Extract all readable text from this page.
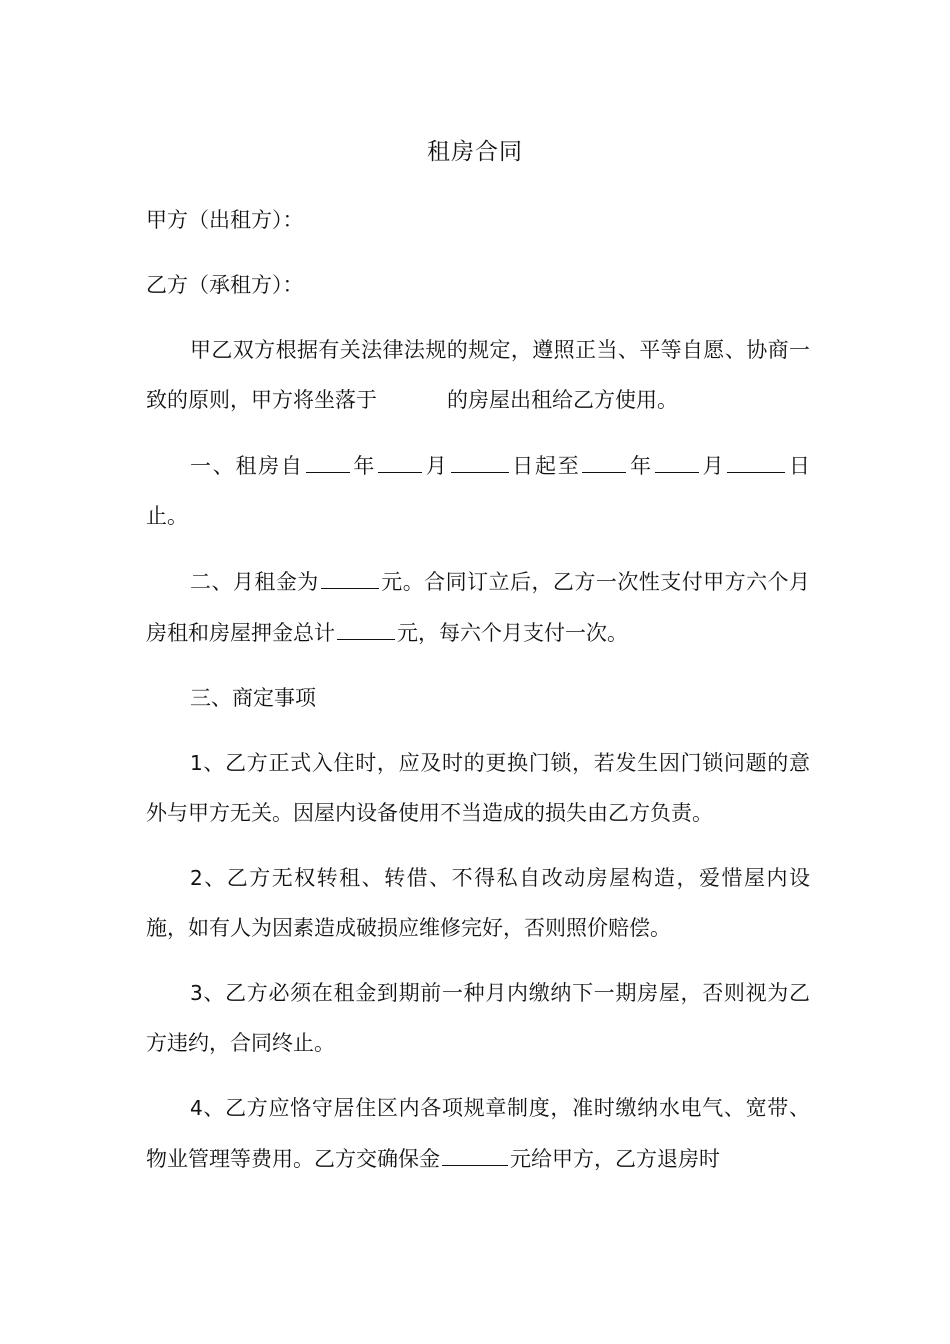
租房合同

甲方（出租方）：

乙方（承租方）：

甲乙双方根据有关法律法规的规定，遵照正当、平等自愿、协商一致的原则，甲方将坐落于	的房屋出租给乙方使用。

一、租房自 年 月	日起至 年 月	日止。

二、月租金为	元。合同订立后，乙方一次性支付甲方六个月房租和房屋押金总计	元，每六个月支付一次。

三、商定事项

1、乙方正式入住时，应及时的更换门锁，若发生因门锁问题的意外与甲方无关。因屋内设备使用不当造成的损失由乙方负责。

2、乙方无权转租、转借、不得私自改动房屋构造，爱惜屋内设施，如有人为因素造成破损应维修完好，否则照价赔偿。

3、乙方必须在租金到期前一种月内缴纳下一期房屋，否则视为乙方违约，合同终止。

4、乙方应恪守居住区内各项规章制度，准时缴纳水电气、宽带、物业管理等费用。乙方交确保金	元给甲方，乙方退房时
